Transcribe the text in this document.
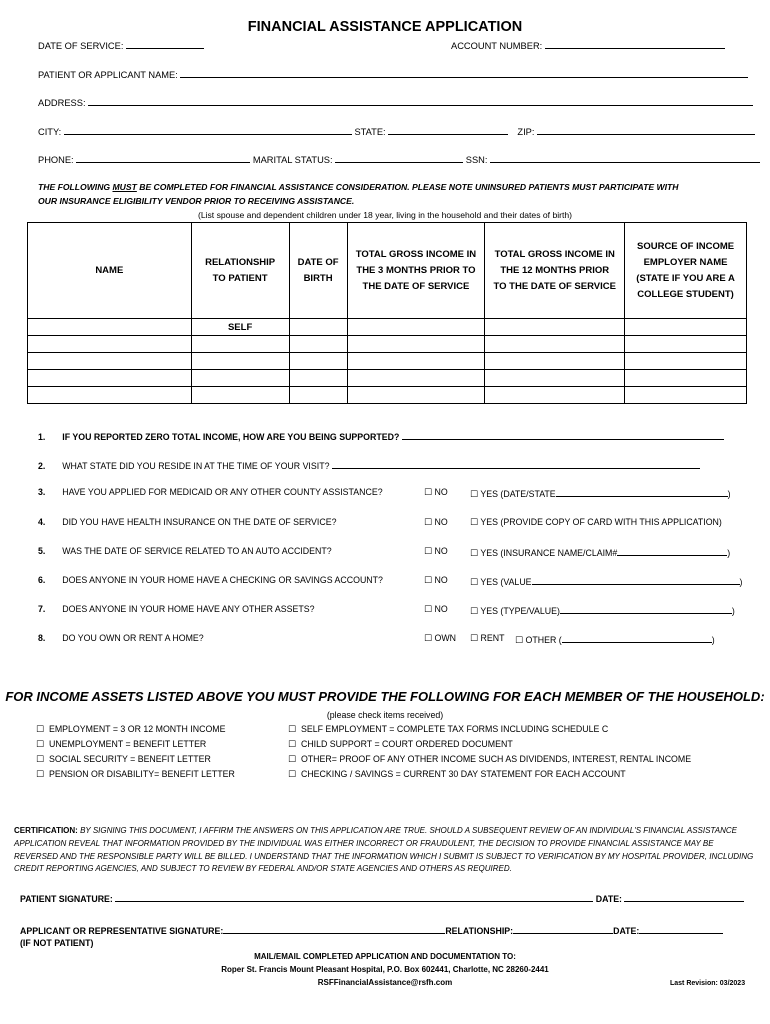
FINANCIAL ASSISTANCE APPLICATION
DATE OF SERVICE:	ACCOUNT NUMBER:
PATIENT OR APPLICANT NAME:
ADDRESS:
CITY:	STATE:	ZIP:
PHONE:	MARITAL STATUS:	SSN:
THE FOLLOWING MUST BE COMPLETED FOR FINANCIAL ASSISTANCE CONSIDERATION. PLEASE NOTE UNINSURED PATIENTS MUST PARTICIPATE WITH
OUR INSURANCE ELIGIBILITY VENDOR PRIOR TO RECEIVING ASSISTANCE.
(List spouse and dependent children under 18 year, living in the household and their dates of birth)
NAME	RELATIONSHIP TO PATIENT	DATE OF BIRTH	TOTAL GROSS INCOME IN THE 3 MONTHS PRIOR TO THE DATE OF SERVICE	TOTAL GROSS INCOME IN THE 12 MONTHS PRIOR TO THE DATE OF SERVICE	SOURCE OF INCOME EMPLOYER NAME (STATE IF YOU ARE A COLLEGE STUDENT)

	SELF				

1. IF YOU REPORTED ZERO TOTAL INCOME, HOW ARE YOU BEING SUPPORTED?
2. WHAT STATE DID YOU RESIDE IN AT THE TIME OF YOUR VISIT?
3. HAVE YOU APPLIED FOR MEDICAID OR ANY OTHER COUNTY ASSISTANCE?	☐ NO ☐ YES (DATE/STATE	)
4. DID YOU HAVE HEALTH INSURANCE ON THE DATE OF SERVICE?	☐ NO ☐ YES (PROVIDE COPY OF CARD WITH THIS APPLICATION)
5. WAS THE DATE OF SERVICE RELATED TO AN AUTO ACCIDENT?	☐ NO ☐ YES (INSURANCE NAME/CLAIM#	)
6. DOES ANYONE IN YOUR HOME HAVE A CHECKING OR SAVINGS ACCOUNT?	☐ NO ☐ YES (VALUE	)
7. DOES ANYONE IN YOUR HOME HAVE ANY OTHER ASSETS?	☐ NO ☐ YES (TYPE/VALUE)	)
8. DO YOU OWN OR RENT A HOME?	☐ OWN ☐ RENT ☐ OTHER (	)
FOR INCOME ASSETS LISTED ABOVE YOU MUST PROVIDE THE FOLLOWING FOR EACH MEMBER OF THE HOUSEHOLD:
(please check items received)
☐ EMPLOYMENT = 3 OR 12 MONTH INCOME
☐ UNEMPLOYMENT = BENEFIT LETTER
☐ SOCIAL SECURITY = BENEFIT LETTER
☐ PENSION OR DISABILITY= BENEFIT LETTER
☐ SELF EMPLOYMENT = COMPLETE TAX FORMS INCLUDING SCHEDULE C
☐ CHILD SUPPORT = COURT ORDERED DOCUMENT
☐ OTHER= PROOF OF ANY OTHER INCOME SUCH AS DIVIDENDS, INTEREST, RENTAL INCOME
☐ CHECKING / SAVINGS = CURRENT 30 DAY STATEMENT FOR EACH ACCOUNT
CERTIFICATION: BY SIGNING THIS DOCUMENT, I AFFIRM THE ANSWERS ON THIS APPLICATION ARE TRUE. SHOULD A SUBSEQUENT REVIEW OF AN INDIVIDUAL'S FINANCIAL ASSISTANCE APPLICATION REVEAL THAT INFORMATION PROVIDED BY THE INDIVIDUAL WAS EITHER INCORRECT OR FRAUDULENT, THE DECISION TO PROVIDE FINANCIAL ASSISTANCE MAY BE REVERSED AND THE RESPONSIBLE PARTY WILL BE BILLED. I UNDERSTAND THAT THE INFORMATION WHICH I SUBMIT IS SUBJECT TO VERIFICATION BY MY HOSPITAL PROVIDER, INCLUDING CREDIT REPORTING AGENCIES, AND SUBJECT TO REVIEW BY FEDERAL AND/OR STATE AGENCIES AND OTHERS AS REQUIRED.
PATIENT SIGNATURE:	DATE:
APPLICANT OR REPRESENTATIVE SIGNATURE:	RELATIONSHIP:	DATE:
(IF NOT PATIENT)
MAIL/EMAIL COMPLETED APPLICATION AND DOCUMENTATION TO:
Roper St. Francis Mount Pleasant Hospital, P.O. Box 602441, Charlotte, NC 28260-2441
RSFFinancialAssistance@rsfh.com	Last Revision: 03/2023
